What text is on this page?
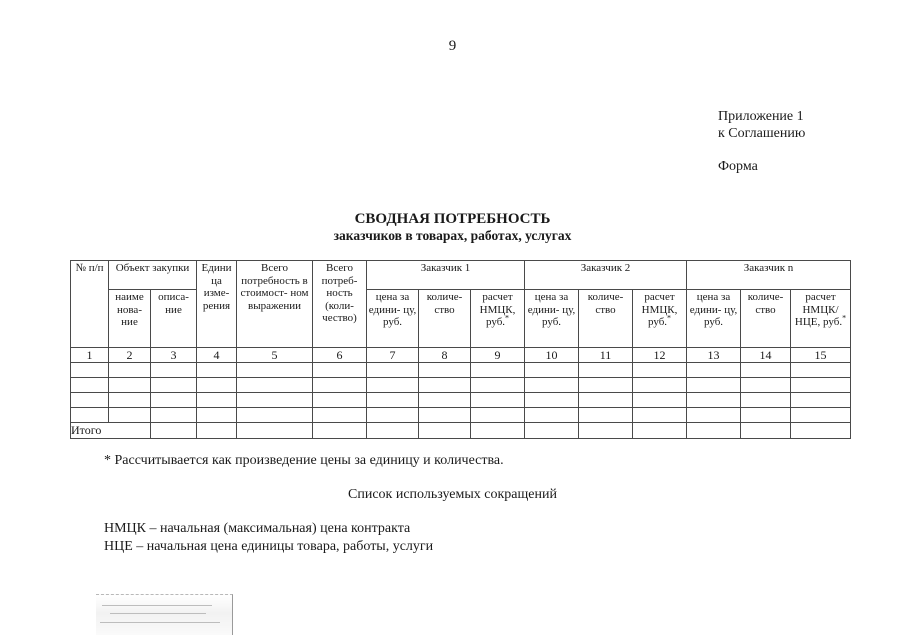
9
Приложение 1
к Соглашению
Форма
СВОДНАЯ ПОТРЕБНОСТЬ
заказчиков в товарах, работах, услугах
№ п/п	Объект закупки		Едини ца изме- рения	Всего потребность в стоимост- ном выражении	Всего потреб- ность (коли- чество)	Заказчик 1			Заказчик 2			Заказчик n		
	наиме нова- ние	описа- ние				цена за едини- цу, руб.	количе- ство	расчет НМЦК, руб.*	цена за едини- цу, руб.	количе- ство	расчет НМЦК, руб.*	цена за едини- цу, руб.	количе- ство	расчет НМЦК/ НЦЕ, руб.*
1	2	3	4	5	6	7	8	9	10	11	12	13	14	15

Итого														
* Рассчитывается как произведение цены за единицу и количества.
Список используемых сокращений
НМЦК – начальная (максимальная) цена контракта
НЦЕ – начальная цена единицы товара, работы, услуги
